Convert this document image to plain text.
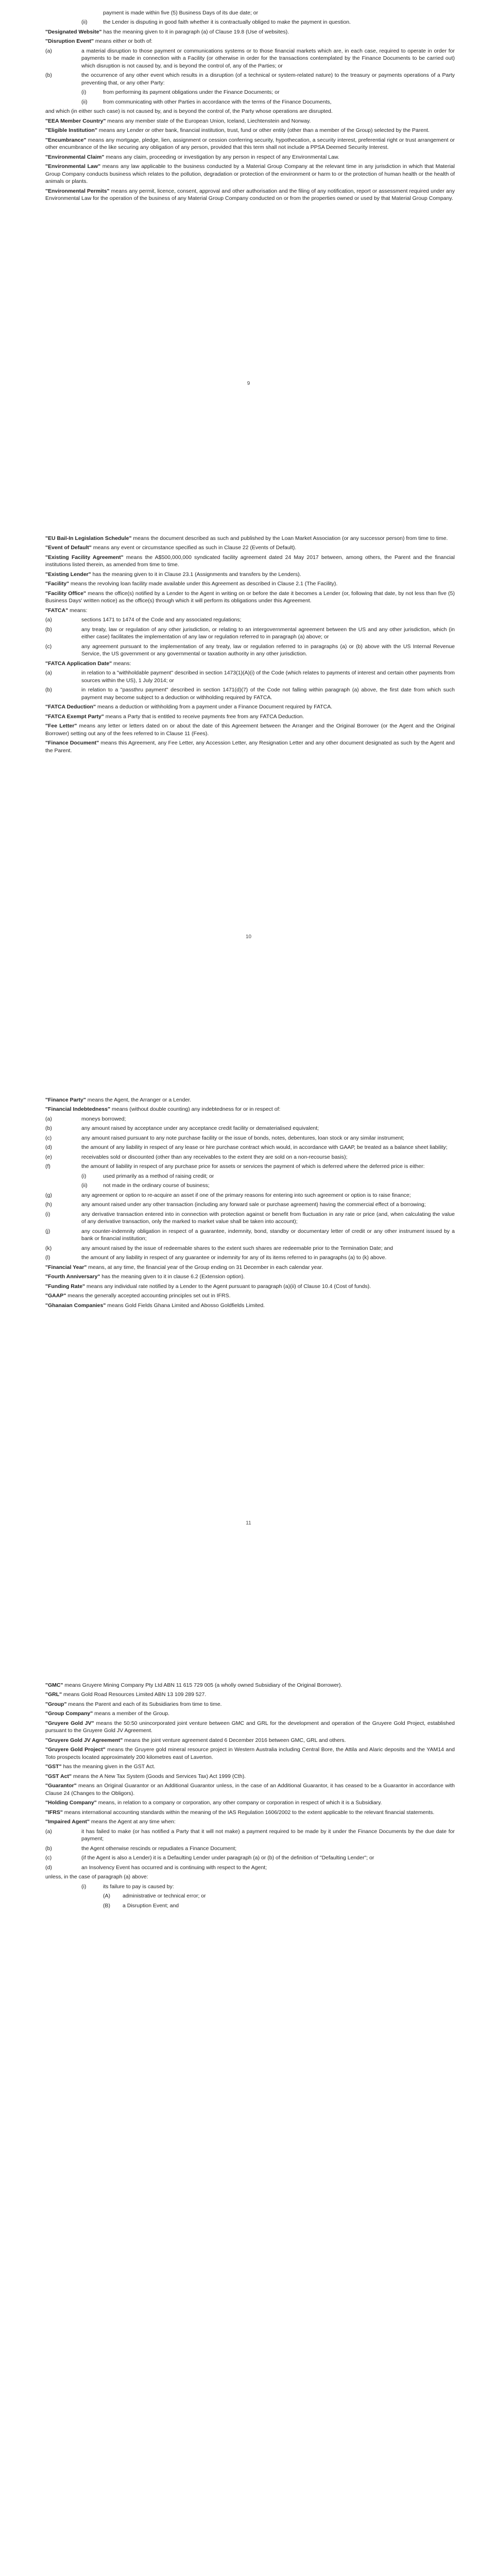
payment is made within five (5) Business Days of its due date; or

(ii)	the Lender is disputing in good faith whether it is contractually obliged to make the payment in question.

"Designated Website" has the meaning given to it in paragraph (a) of Clause 19.8 (Use of websites).

"Disruption Event" means either or both of:

(a)	a material disruption to those payment or communications systems or to those financial markets which are, in each case, required to operate in order for payments to be made in connection with a Facility (or otherwise in order for the transactions contemplated by the Finance Documents to be carried out) which disruption is not caused by, and is beyond the control of, any of the Parties; or
(b)	the occurrence of any other event which results in a disruption (of a technical or system-related nature) to the treasury or payments operations of a Party preventing that, or any other Party:
(i)	from performing its payment obligations under the Finance Documents; or
(ii)	from communicating with other Parties in accordance with the terms of the Finance Documents,

and which (in either such case) is not caused by, and is beyond the control of, the Party whose operations are disrupted.

"EEA Member Country" means any member state of the European Union, Iceland, Liechtenstein and Norway.

"Eligible Institution" means any Lender or other bank, financial institution, trust, fund or other entity (other than a member of the Group) selected by the Parent.

"Encumbrance" means any mortgage, pledge, lien, assignment or cession conferring security, hypothecation, a security interest, preferential right or trust arrangement or other encumbrance of the like securing any obligation of any person, provided that this term shall not include a PPSA Deemed Security Interest.

"Environmental Claim" means any claim, proceeding or investigation by any person in respect of any Environmental Law.

"Environmental Law" means any law applicable to the business conducted by a Material Group Company at the relevant time in any jurisdiction in which that Material Group Company conducts business which relates to the pollution, degradation or protection of the environment or harm to or the protection of human health or the health of animals or plants.

"Environmental Permits" means any permit, licence, consent, approval and other authorisation and the filing of any notification, report or assessment required under any Environmental Law for the operation of the business of any Material Group Company conducted on or from the properties owned or used by that Material Group Company.

9

"EU Bail-In Legislation Schedule" means the document described as such and published by the Loan Market Association (or any successor person) from time to time.

"Event of Default" means any event or circumstance specified as such in Clause 22 (Events of Default).

"Existing Facility Agreement" means the A$500,000,000 syndicated facility agreement dated 24 May 2017 between, among others, the Parent and the financial institutions listed therein, as amended from time to time.

"Existing Lender" has the meaning given to it in Clause 23.1 (Assignments and transfers by the Lenders).

"Facility" means the revolving loan facility made available under this Agreement as described in Clause 2.1 (The Facility).

"Facility Office" means the office(s) notified by a Lender to the Agent in writing on or before the date it becomes a Lender (or, following that date, by not less than five (5) Business Days' written notice) as the office(s) through which it will perform its obligations under this Agreement.

"FATCA" means:

(a)	sections 1471 to 1474 of the Code and any associated regulations;
(b)	any treaty, law or regulation of any other jurisdiction, or relating to an intergovernmental agreement between the US and any other jurisdiction, which (in either case) facilitates the implementation of any law or regulation referred to in paragraph (a) above; or
(c)	any agreement pursuant to the implementation of any treaty, law or regulation referred to in paragraphs (a) or (b) above with the US Internal Revenue Service, the US government or any governmental or taxation authority in any other jurisdiction.

"FATCA Application Date" means:

(a)	in relation to a "withholdable payment" described in section 1473(1)(A)(i) of the Code (which relates to payments of interest and certain other payments from sources within the US), 1 July 2014; or
(b)	in relation to a "passthru payment" described in section 1471(d)(7) of the Code not falling within paragraph (a) above, the first date from which such payment may become subject to a deduction or withholding required by FATCA.

"FATCA Deduction" means a deduction or withholding from a payment under a Finance Document required by FATCA.

"FATCA Exempt Party" means a Party that is entitled to receive payments free from any FATCA Deduction.

"Fee Letter" means any letter or letters dated on or about the date of this Agreement between the Arranger and the Original Borrower (or the Agent and the Original Borrower) setting out any of the fees referred to in Clause 11 (Fees).

"Finance Document" means this Agreement, any Fee Letter, any Accession Letter, any Resignation Letter and any other document designated as such by the Agent and the Parent.

10

"Finance Party" means the Agent, the Arranger or a Lender.

"Financial Indebtedness" means (without double counting) any indebtedness for or in respect of:

(a)	moneys borrowed;
(b)	any amount raised by acceptance under any acceptance credit facility or dematerialised equivalent;
(c)	any amount raised pursuant to any note purchase facility or the issue of bonds, notes, debentures, loan stock or any similar instrument;
(d)	the amount of any liability in respect of any lease or hire purchase contract which would, in accordance with GAAP, be treated as a balance sheet liability;
(e)	receivables sold or discounted (other than any receivables to the extent they are sold on a non-recourse basis);
(f)	the amount of liability in respect of any purchase price for assets or services the payment of which is deferred where the deferred price is either:
(i)	used primarily as a method of raising credit; or
(ii)	not made in the ordinary course of business;
(g)	any agreement or option to re-acquire an asset if one of the primary reasons for entering into such agreement or option is to raise finance;
(h)	any amount raised under any other transaction (including any forward sale or purchase agreement) having the commercial effect of a borrowing;
(i)	any derivative transaction entered into in connection with protection against or benefit from fluctuation in any rate or price (and, when calculating the value of any derivative transaction, only the marked to market value shall be taken into account);
(j)	any counter-indemnity obligation in respect of a guarantee, indemnity, bond, standby or documentary letter of credit or any other instrument issued by a bank or financial institution;
(k)	any amount raised by the issue of redeemable shares to the extent such shares are redeemable prior to the Termination Date; and
(l)	the amount of any liability in respect of any guarantee or indemnity for any of its items referred to in paragraphs (a) to (k) above.

"Financial Year" means, at any time, the financial year of the Group ending on 31 December in each calendar year.

"Fourth Anniversary" has the meaning given to it in clause 6.2 (Extension option).

"Funding Rate" means any individual rate notified by a Lender to the Agent pursuant to paragraph (a)(ii) of Clause 10.4 (Cost of funds).

"GAAP" means the generally accepted accounting principles set out in IFRS.

"Ghanaian Companies" means Gold Fields Ghana Limited and Abosso Goldfields Limited.

11

"GMC" means Gruyere Mining Company Pty Ltd ABN 11 615 729 005 (a wholly owned Subsidiary of the Original Borrower).

"GRL" means Gold Road Resources Limited ABN 13 109 289 527.

"Group" means the Parent and each of its Subsidiaries from time to time.

"Group Company" means a member of the Group.

"Gruyere Gold JV" means the 50:50 unincorporated joint venture between GMC and GRL for the development and operation of the Gruyere Gold Project, established pursuant to the Gruyere Gold JV Agreement.

"Gruyere Gold JV Agreement" means the joint venture agreement dated 6 December 2016 between GMC, GRL and others.

"Gruyere Gold Project" means the Gruyere gold mineral resource project in Western Australia including Central Bore, the Attila and Alaric deposits and the YAM14 and Toto prospects located approximately 200 kilometres east of Laverton.

"GST" has the meaning given in the GST Act.

"GST Act" means the A New Tax System (Goods and Services Tax) Act 1999 (Cth).

"Guarantor" means an Original Guarantor or an Additional Guarantor unless, in the case of an Additional Guarantor, it has ceased to be a Guarantor in accordance with Clause 24 (Changes to the Obligors).

"Holding Company" means, in relation to a company or corporation, any other company or corporation in respect of which it is a Subsidiary.

"IFRS" means international accounting standards within the meaning of the IAS Regulation 1606/2002 to the extent applicable to the relevant financial statements.

"Impaired Agent" means the Agent at any time when:

(a)	it has failed to make (or has notified a Party that it will not make) a payment required to be made by it under the Finance Documents by the due date for payment;
(b)	the Agent otherwise rescinds or repudiates a Finance Document;
(c)	(if the Agent is also a Lender) it is a Defaulting Lender under paragraph (a) or (b) of the definition of "Defaulting Lender"; or
(d)	an Insolvency Event has occurred and is continuing with respect to the Agent;

unless, in the case of paragraph (a) above:

(i)	its failure to pay is caused by:
(A) administrative or technical error; or
(B) a Disruption Event; and
